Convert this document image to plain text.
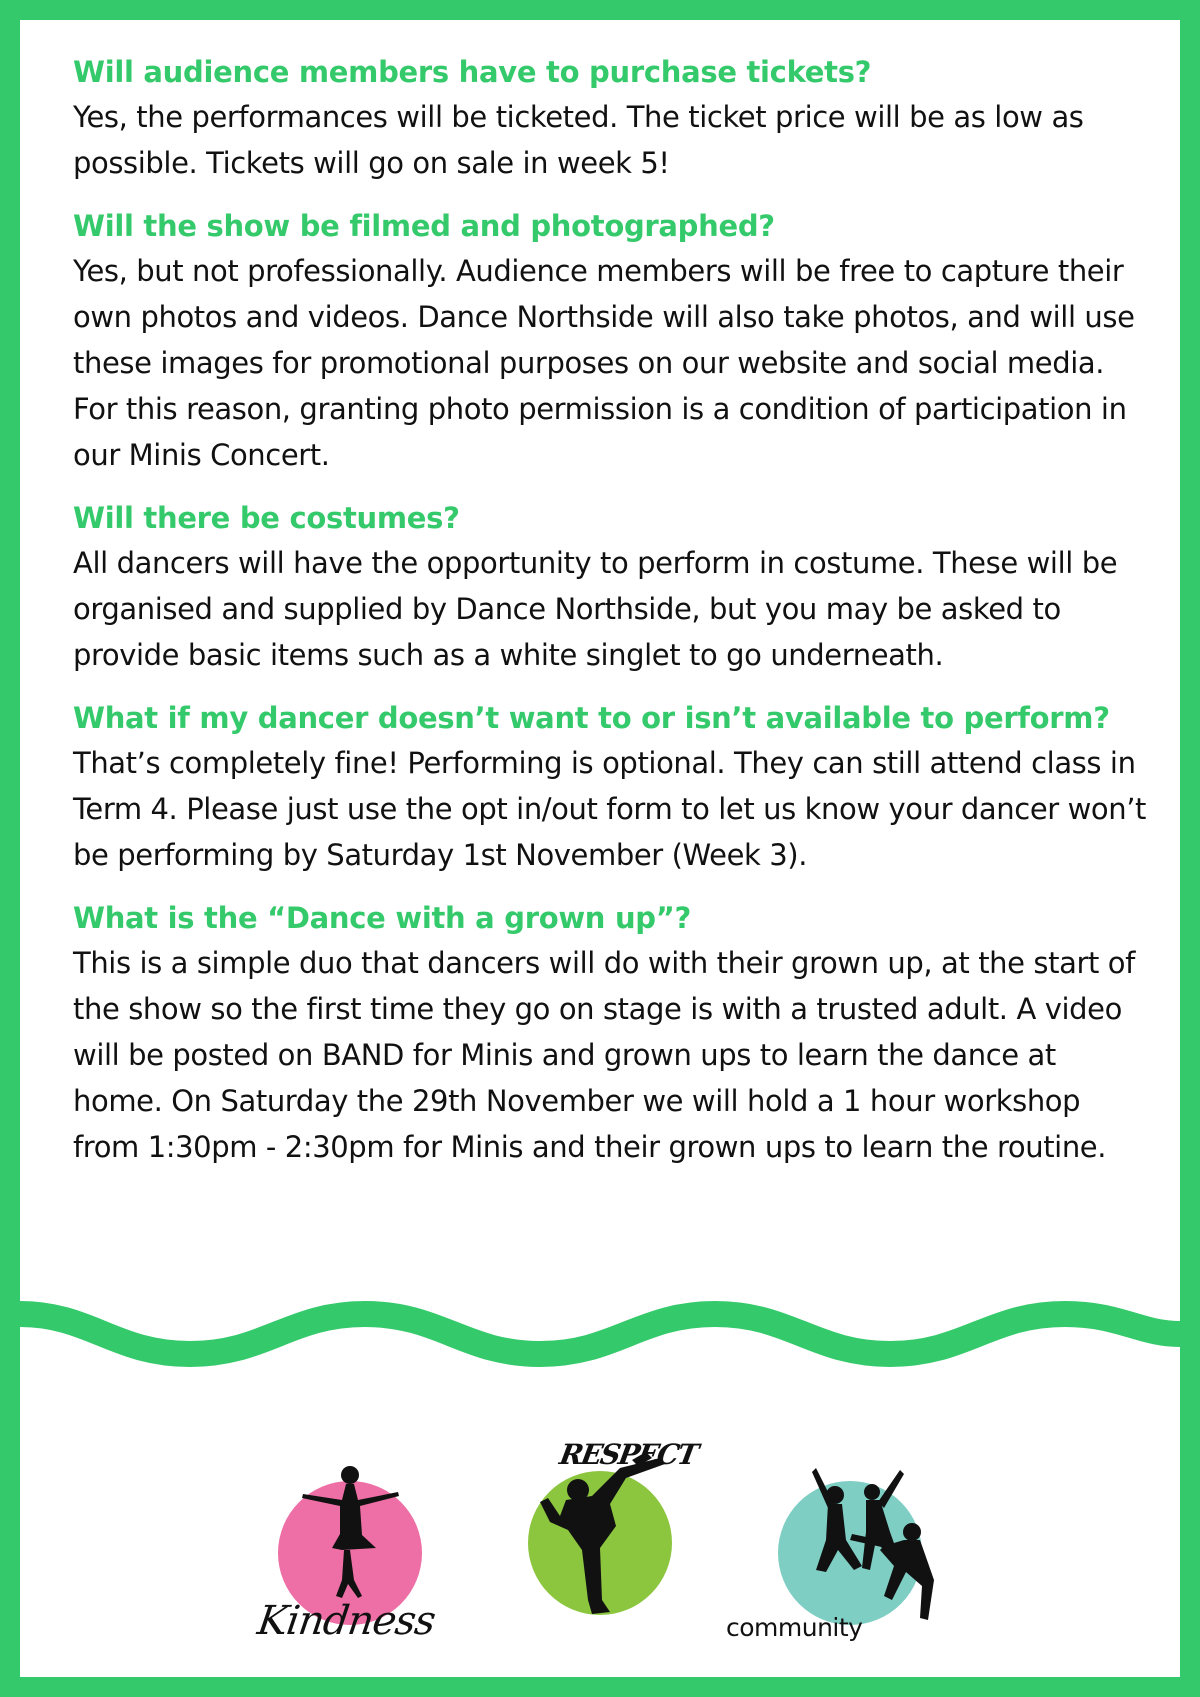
Will audience members have to purchase tickets?

Yes, the performances will be ticketed. The ticket price will be as low as possible. Tickets will go on sale in week 5!

Will the show be filmed and photographed?

Yes, but not professionally. Audience members will be free to capture their own photos and videos. Dance Northside will also take photos, and will use these images for promotional purposes on our website and social media. For this reason, granting photo permission is a condition of participation in our Minis Concert.

Will there be costumes?

All dancers will have the opportunity to perform in costume. These will be organised and supplied by Dance Northside, but you may be asked to provide basic items such as a white singlet to go underneath.

What if my dancer doesn’t want to or isn’t available to perform?

That’s completely fine! Performing is optional. They can still attend class in Term 4. Please just use the opt in/out form to let us know your dancer won’t be performing by Saturday 1st November (Week 3).

What is the “Dance with a grown up”?

This is a simple duo that dancers will do with their grown up, at the start of the show so the first time they go on stage is with a trusted adult. A video will be posted on BAND for Minis and grown ups to learn the dance at home. On Saturday the 29th November we will hold a 1 hour workshop from 1:30pm - 2:30pm for Minis and their grown ups to learn the routine.

Kindness
RESPECT
community
